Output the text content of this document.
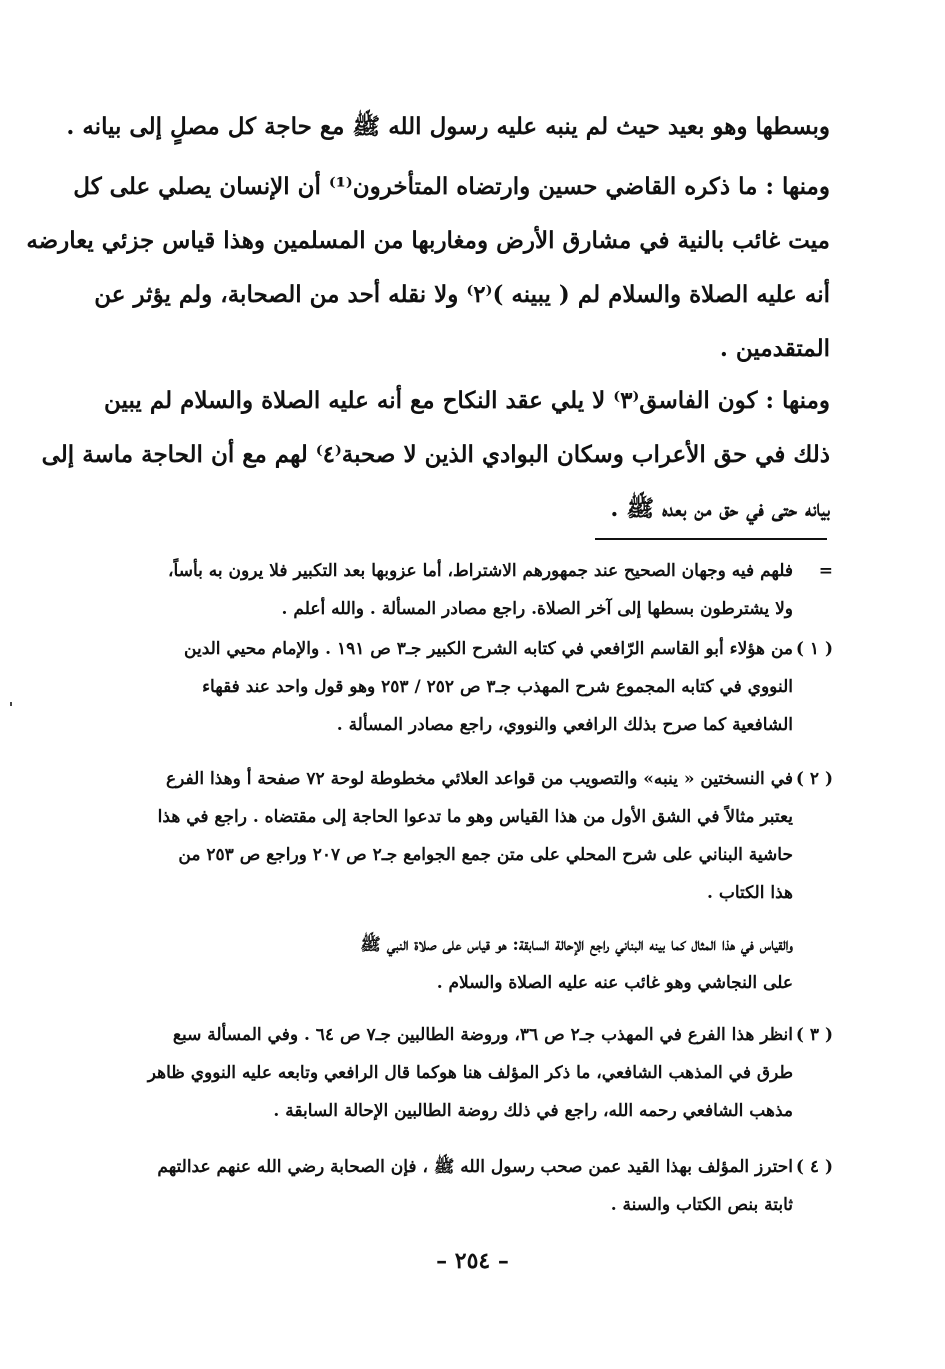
وبسطها وهو بعيد حيث لم ينبه عليه رسول الله ﷺ مع حاجة كل مصلٍ إلى بيانه .
ومنها : ما ذكره القاضي حسين وارتضاه المتأخرون⁽¹⁾ أن الإنسان يصلي على كل
ميت غائب بالنية في مشارق الأرض ومغاربها من المسلمين وهذا قياس جزئي يعارضه
أنه عليه الصلاة والسلام لم ( يبينه )⁽٢⁾ ولا نقله أحد من الصحابة، ولم يؤثر عن
المتقدمين .
ومنها : كون الفاسق⁽٣⁾ لا يلي عقد النكاح مع أنه عليه الصلاة والسلام لم يبين
ذلك في حق الأعراب وسكان البوادي الذين لا صحبة⁽٤⁾ لهم مع أن الحاجة ماسة إلى
بيانه حتى في حق من بعده ﷺ .
=
فلهم فيه وجهان الصحيح عند جمهورهم الاشتراط، أما عزوبها بعد التكبير فلا يرون به بأساً،
ولا يشترطون بسطها إلى آخر الصلاة. راجع مصادر المسألة . والله أعلم .
( ١ )
من هؤلاء أبو القاسم الرّافعي في كتابه الشرح الكبير جـ٣ ص ١٩١ . والإمام محيي الدين
النووي في كتابه المجموع شرح المهذب جـ٣ ص ٢٥٢ / ٢٥٣ وهو قول واحد عند فقهاء
الشافعية كما صرح بذلك الرافعي والنووي، راجع مصادر المسألة .
( ٢ )
في النسختين « ينبه» والتصويب من قواعد العلائي مخطوطة لوحة ٧٢ صفحة أ وهذا الفرع
يعتبر مثالاً في الشق الأول من هذا القياس وهو ما تدعوا الحاجة إلى مقتضاه . راجع في هذا
حاشية البناني على شرح المحلي على متن جمع الجوامع جـ٢ ص ٢٠٧ وراجع ص ٢٥٣ من
هذا الكتاب .
والقياس في هذا المثال كما بينه البناني راجع الإحالة السابقة: هو قياس على صلاة النبي ﷺ
على النجاشي وهو غائب عنه عليه الصلاة والسلام .
( ٣ )
انظر هذا الفرع في المهذب جـ٢ ص ٣٦، وروضة الطالبين جـ٧ ص ٦٤ . وفي المسألة سبع
طرق في المذهب الشافعي، ما ذكر المؤلف هنا هوكما قال الرافعي وتابعه عليه النووي ظاهر
مذهب الشافعي رحمه الله، راجع في ذلك روضة الطالبين الإحالة السابقة .
( ٤ )
احترز المؤلف بهذا القيد عمن صحب رسول الله ﷺ ، فإن الصحابة رضي الله عنهم عدالتهم
ثابتة بنص الكتاب والسنة .
– ٢٥٤ –
